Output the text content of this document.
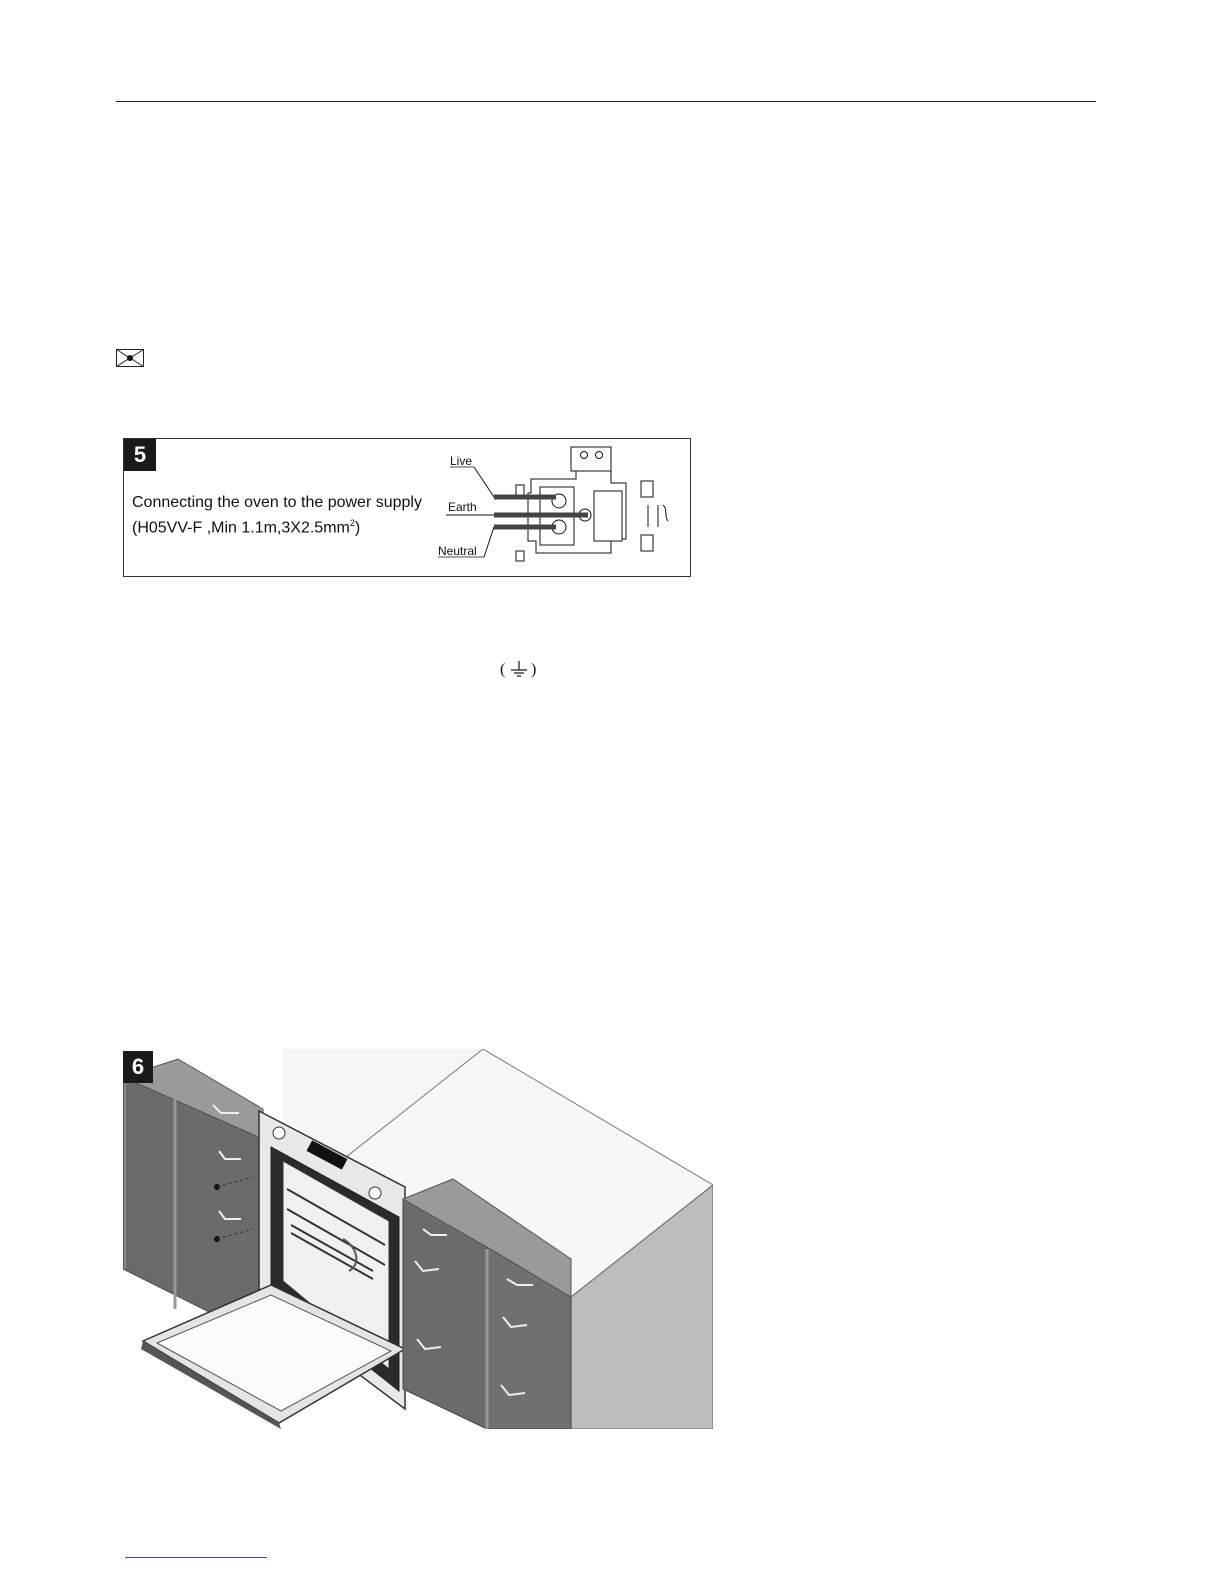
5
Connecting the oven to the power supply
(H05VV-F ,Min $1.1m,3X2.5mm^2$)
Live
Earth
Neutral
( )
6
